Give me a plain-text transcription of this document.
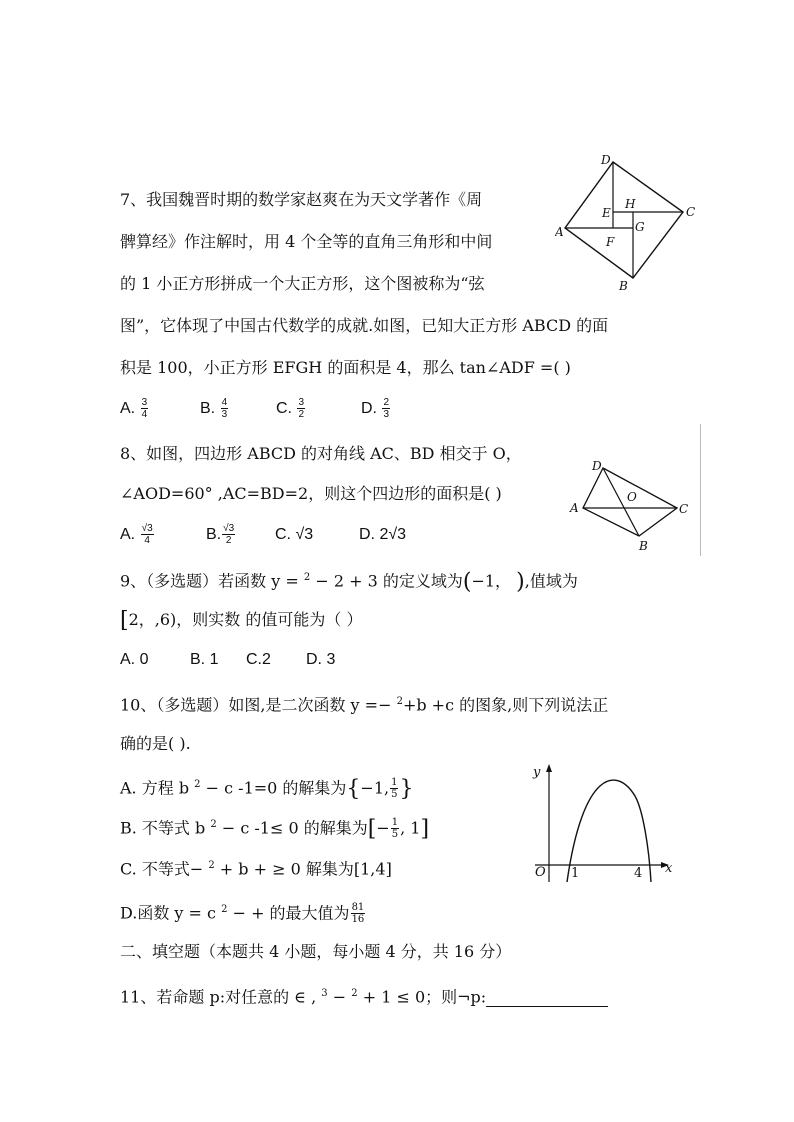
7、我国魏晋时期的数学家赵爽在为天文学著作《周
髀算经》作注解时，用 4 个全等的直角三角形和中间
的 1 小正方形拼成一个大正方形，这个图被称为“弦
图”，它体现了中国古代数学的成就.如图，已知大正方形 ABCD 的面
积是 100，小正方形 EFGH 的面积是 4，那么 tan∠ADF =( )
A. $\frac{3}{4}$	B. $\frac{4}{3}$	C. $\frac{3}{2}$	D. $\frac{2}{3}$
D
C
A
B
E
H
G
F
8、如图，四边形 ABCD 的对角线 AC、BD 相交于 O，
∠AOD=60° ,AC=BD=2，则这个四边形的面积是( )
A. $\frac{√3}{4}$	B. $\frac{√3}{2} C$. √3	D. 2√3
D
A
O
C
B
9、（多选题）若函数 y = $^2$ − 2 + 3 的定义域为(−1， ),值域为
[2，,6)，则实数 的值可能为（ ）
A. 0	B. 1 C.2 D. 3
10、（多选题）如图,是二次函数 y =− $^2$+b +c 的图象,则下列说法正
确的是( ).
A. 方程 b $^2$ − c -1=0 的解集为{−1, $\frac{1}{5}$ }
B. 不等式 b $^2$ − c -1≤ 0 的解集为[− $\frac{1}{5}$ , 1]
C. 不等式− $^2$ + b + ≥ 0 解集为[1,4]
D.函数 y = c $^2$ − + 的最大值为 $\frac{81}{16}$
y
x
O 1	4
二、填空题（本题共 4 小题，每小题 4 分，共 16 分）
11、若命题 p:对任意的 ∈ , $^3$ − $^2$ + 1 ≤ 0；则¬p:
